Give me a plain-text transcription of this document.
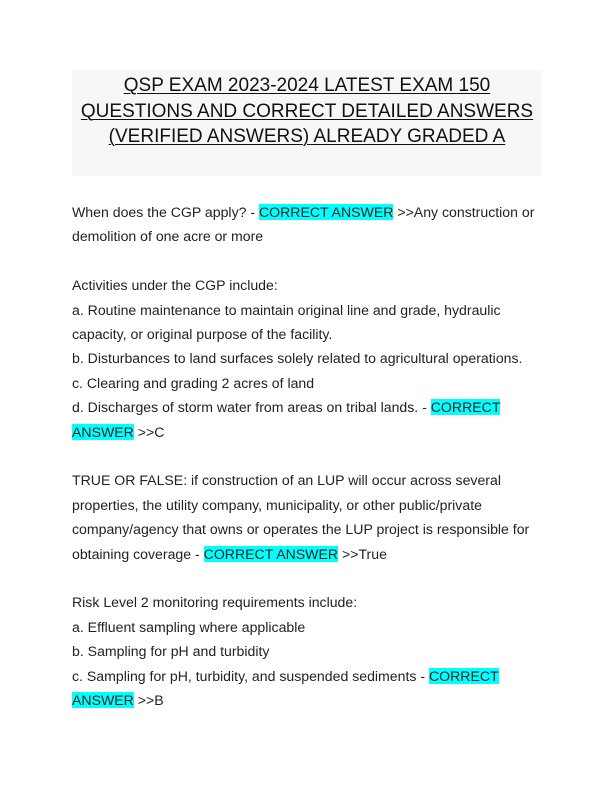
QSP EXAM 2023-2024 LATEST EXAM 150 QUESTIONS AND CORRECT DETAILED ANSWERS (VERIFIED ANSWERS) ALREADY GRADED A

When does the CGP apply? - CORRECT ANSWER >>Any construction or demolition of one acre or more

Activities under the CGP include:

a. Routine maintenance to maintain original line and grade, hydraulic capacity, or original purpose of the facility.

b. Disturbances to land surfaces solely related to agricultural operations.

c. Clearing and grading 2 acres of land

d. Discharges of storm water from areas on tribal lands. - CORRECT ANSWER >>C

TRUE OR FALSE: if construction of an LUP will occur across several properties, the utility company, municipality, or other public/private company/agency that owns or operates the LUP project is responsible for obtaining coverage - CORRECT ANSWER >>True

Risk Level 2 monitoring requirements include:

a. Effluent sampling where applicable

b. Sampling for pH and turbidity

c. Sampling for pH, turbidity, and suspended sediments - CORRECT ANSWER >>B
